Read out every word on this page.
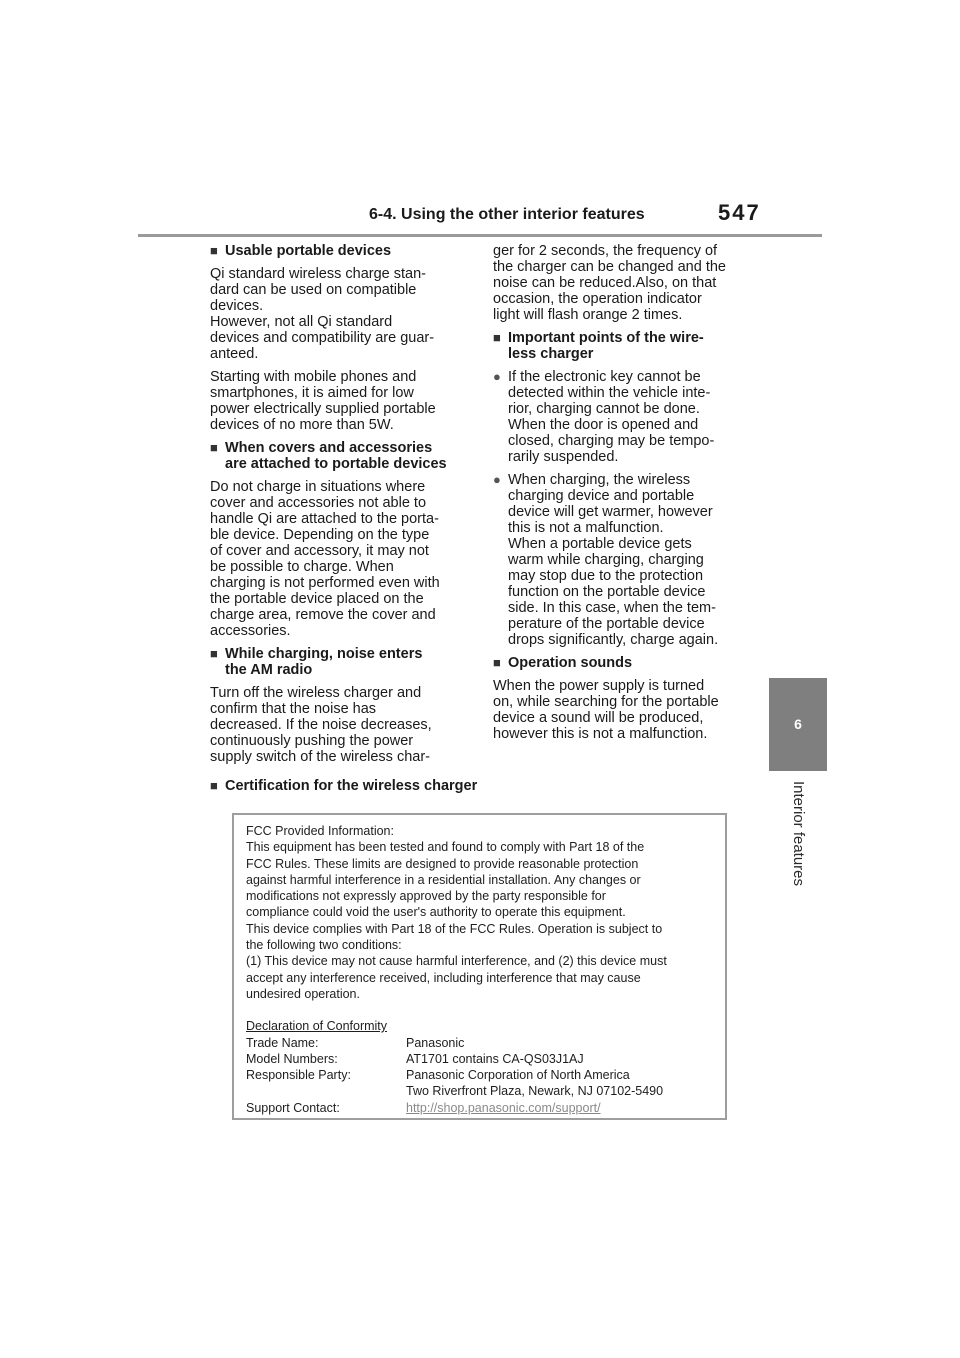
6-4. Using the other interior features	547
6
Interior features
■ Usable portable devices

Qi standard wireless charge stan-
dard can be used on compatible
devices.
However, not all Qi standard
devices and compatibility are guar-
anteed.

Starting with mobile phones and
smartphones, it is aimed for low
power electrically supplied portable
devices of no more than 5W.

■ When covers and accessories
are attached to portable devices

Do not charge in situations where
cover and accessories not able to
handle Qi are attached to the porta-
ble device. Depending on the type
of cover and accessory, it may not
be possible to charge. When
charging is not performed even with
the portable device placed on the
charge area, remove the cover and
accessories.

■ While charging, noise enters
the AM radio

Turn off the wireless charger and
confirm that the noise has
decreased. If the noise decreases,
continuously pushing the power
supply switch of the wireless char-

ger for 2 seconds, the frequency of
the charger can be changed and the
noise can be reduced.Also, on that
occasion, the operation indicator
light will flash orange 2 times.

■ Important points of the wire-
less charger
● If the electronic key cannot be
detected within the vehicle inte-
rior, charging cannot be done.
When the door is opened and
closed, charging may be tempo-
rarily suspended.
● When charging, the wireless
charging device and portable
device will get warmer, however
this is not a malfunction.
When a portable device gets
warm while charging, charging
may stop due to the protection
function on the portable device
side. In this case, when the tem-
perature of the portable device
drops significantly, charge again.
■ Operation sounds

When the power supply is turned
on, while searching for the portable
device a sound will be produced,
however this is not a malfunction.

■ Certification for the wireless charger
FCC Provided Information:
This equipment has been tested and found to comply with Part 18 of the
FCC Rules. These limits are designed to provide reasonable protection
against harmful interference in a residential installation. Any changes or
modifications not expressly approved by the party responsible for
compliance could void the user's authority to operate this equipment.
This device complies with Part 18 of the FCC Rules. Operation is subject to
the following two conditions:
(1) This device may not cause harmful interference, and (2) this device must
accept any interference received, including interference that may cause
undesired operation.
Declaration of Conformity
Trade Name:	Panasonic
Model Numbers:	AT1701 contains CA-QS03J1AJ
Responsible Party:	Panasonic Corporation of North America
Two Riverfront Plaza, Newark, NJ 07102-5490
Support Contact:	http://shop.panasonic.com/support/
